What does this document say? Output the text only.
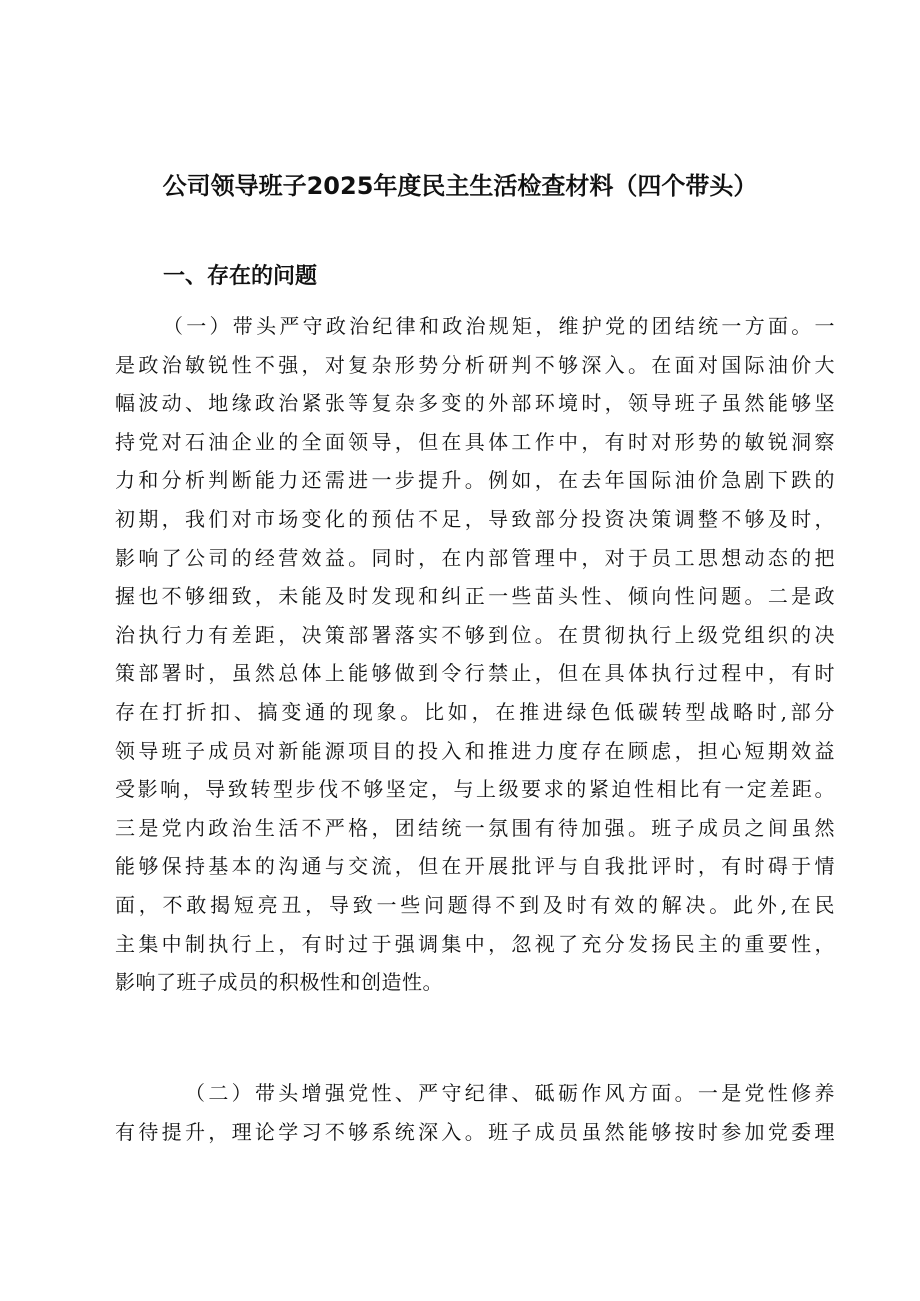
公司领导班子2025年度民主生活检查材料（四个带头）
一、存在的问题
（一）带头严守政治纪律和政治规矩，维护党的团结统一方面。一
是政治敏锐性不强，对复杂形势分析研判不够深入。在面对国际油价大
幅波动、地缘政治紧张等复杂多变的外部环境时，领导班子虽然能够坚
持党对石油企业的全面领导，但在具体工作中，有时对形势的敏锐洞察
力和分析判断能力还需进一步提升。例如，在去年国际油价急剧下跌的
初期，我们对市场变化的预估不足，导致部分投资决策调整不够及时，
影响了公司的经营效益。同时，在内部管理中，对于员工思想动态的把
握也不够细致，未能及时发现和纠正一些苗头性、倾向性问题。二是政
治执行力有差距，决策部署落实不够到位。在贯彻执行上级党组织的决
策部署时，虽然总体上能够做到令行禁止，但在具体执行过程中，有时
存在打折扣、搞变通的现象。比如，在推进绿色低碳转型战略时,部分
领导班子成员对新能源项目的投入和推进力度存在顾虑，担心短期效益
受影响，导致转型步伐不够坚定，与上级要求的紧迫性相比有一定差距。
三是党内政治生活不严格，团结统一氛围有待加强。班子成员之间虽然
能够保持基本的沟通与交流，但在开展批评与自我批评时，有时碍于情
面，不敢揭短亮丑，导致一些问题得不到及时有效的解决。此外,在民
主集中制执行上，有时过于强调集中，忽视了充分发扬民主的重要性，
影响了班子成员的积极性和创造性。
（二）带头增强党性、严守纪律、砥砺作风方面。一是党性修养
有待提升，理论学习不够系统深入。班子成员虽然能够按时参加党委理
